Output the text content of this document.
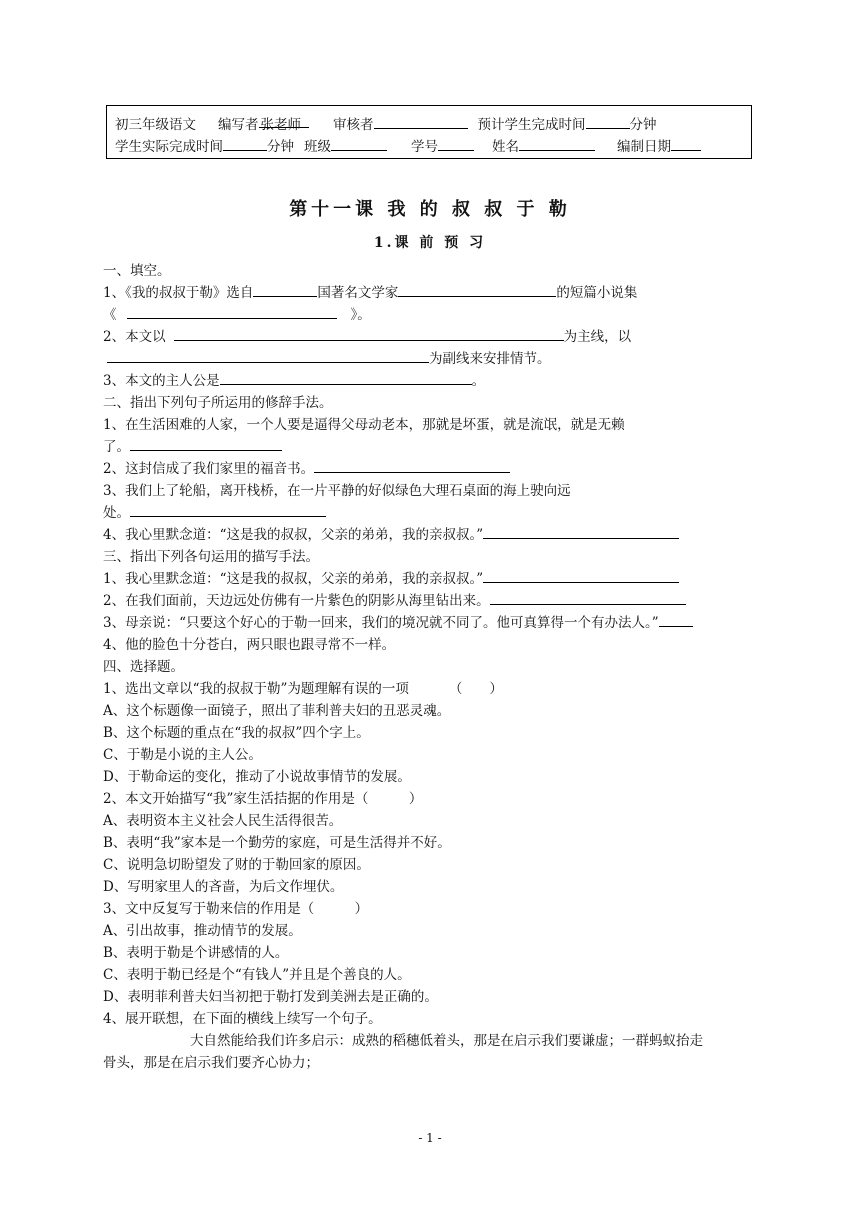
初三年级语文 编写者 张老师 审核者	预计学生完成时间	分钟
学生实际完成时间	分钟 班级	学号	姓名	编制日期
第十一课 我 的 叔 叔 于 勒
1.课 前 预 习
一、填空。
1、《我的叔叔于勒》选自	国著名文学家	的短篇小说集
《	》。
2、本文以	为主线，以
为副线来安排情节。
3、本文的主人公是	。
二、指出下列句子所运用的修辞手法。
1、在生活困难的人家，一个人要是逼得父母动老本，那就是坏蛋，就是流氓，就是无赖
了。
2、这封信成了我们家里的福音书。
3、我们上了轮船，离开栈桥，在一片平静的好似绿色大理石桌面的海上驶向远
处。
4、我心里默念道：“这是我的叔叔，父亲的弟弟，我的亲叔叔。”
三、指出下列各句运用的描写手法。
1、我心里默念道：“这是我的叔叔，父亲的弟弟，我的亲叔叔。”
2、在我们面前，天边远处仿佛有一片紫色的阴影从海里钻出来。
3、母亲说：“只要这个好心的于勒一回来，我们的境况就不同了。他可真算得一个有办法人。”
4、他的脸色十分苍白，两只眼也跟寻常不一样。
四、选择题。
1、选出文章以“我的叔叔于勒”为题理解有误的一项	（　　）
A、这个标题像一面镜子，照出了菲利普夫妇的丑恶灵魂。
B、这个标题的重点在“我的叔叔”四个字上。
C、于勒是小说的主人公。
D、于勒命运的变化，推动了小说故事情节的发展。
2、本文开始描写“我”家生活拮据的作用是（　　　）
A、表明资本主义社会人民生活得很苦。
B、表明“我”家本是一个勤劳的家庭，可是生活得并不好。
C、说明急切盼望发了财的于勒回家的原因。
D、写明家里人的吝啬，为后文作埋伏。
3、文中反复写于勒来信的作用是（　　　）
A、引出故事，推动情节的发展。
B、表明于勒是个讲感情的人。
C、表明于勒已经是个“有钱人”并且是个善良的人。
D、表明菲利普夫妇当初把于勒打发到美洲去是正确的。
4、展开联想，在下面的横线上续写一个句子。
大自然能给我们许多启示：成熟的稻穗低着头，那是在启示我们要谦虚；一群蚂蚁抬走
骨头，那是在启示我们要齐心协力；
- 1 -
